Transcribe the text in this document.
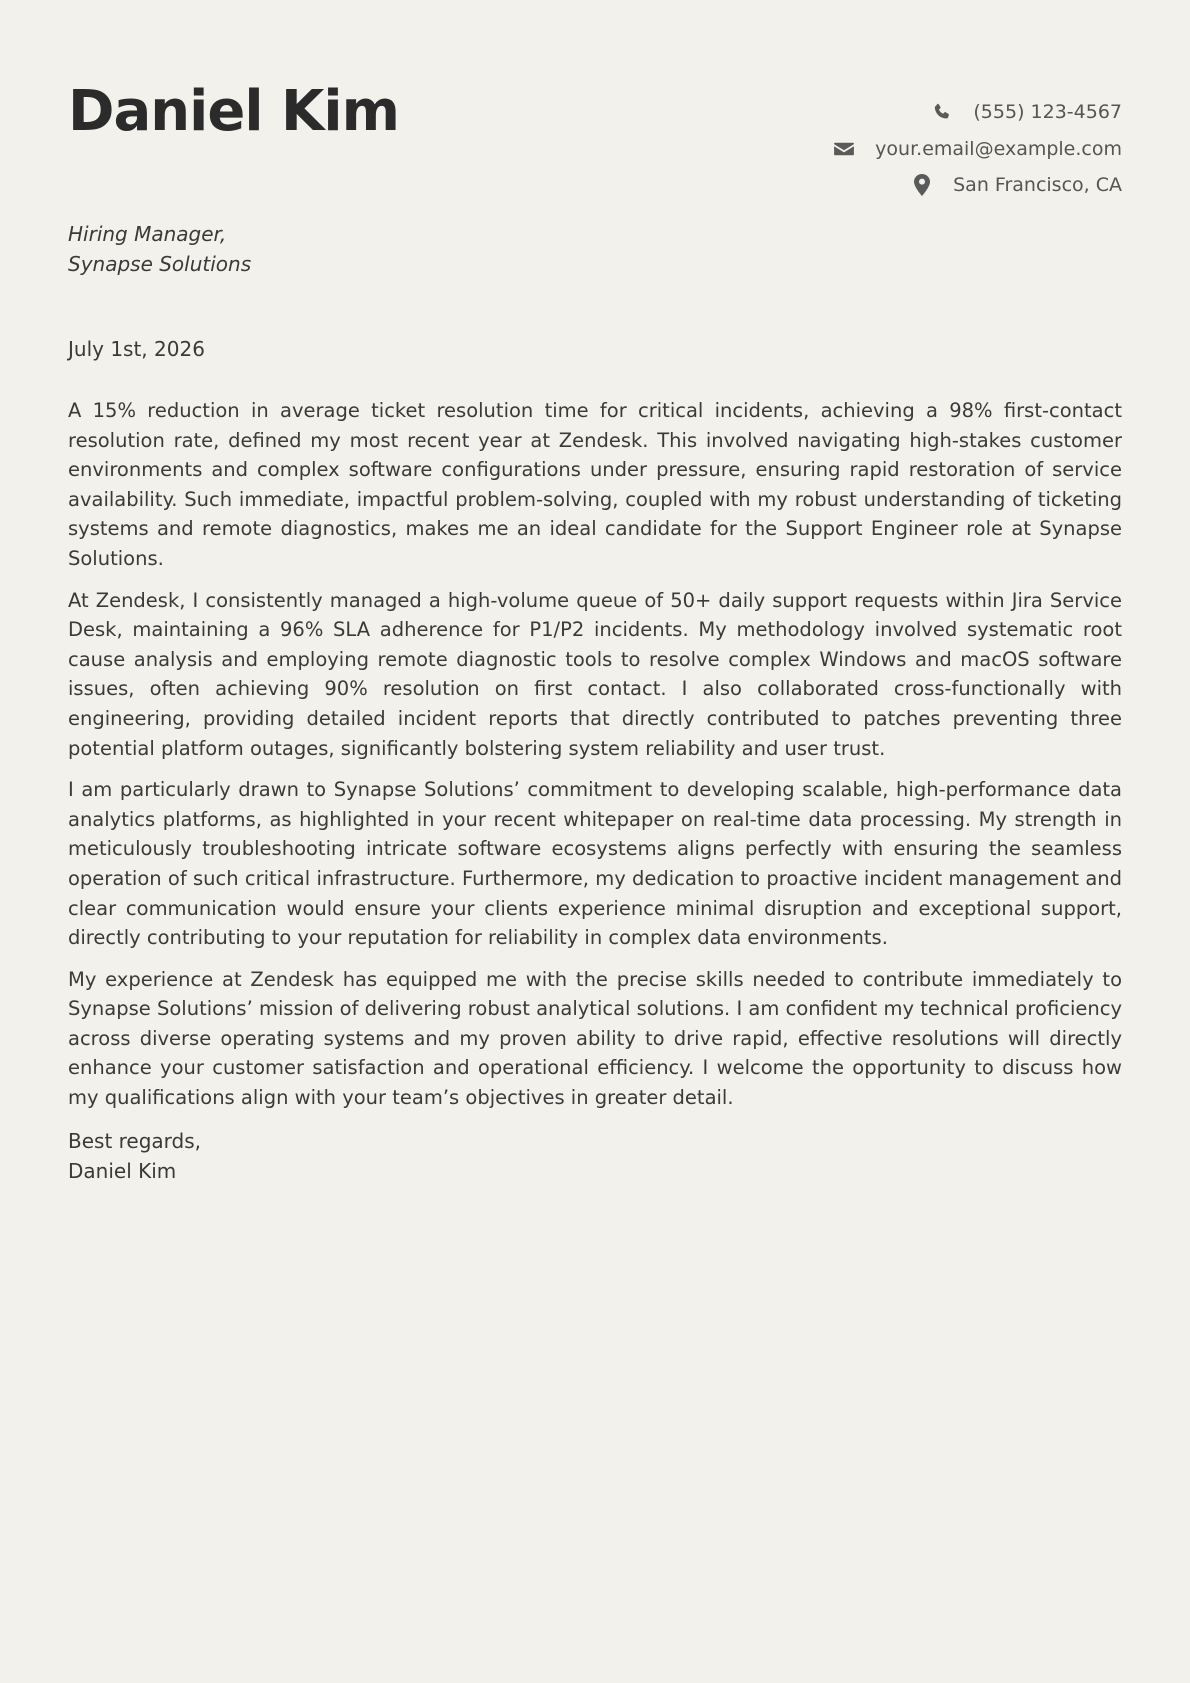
Daniel Kim	(555) 123-4567
your.email@example.com
San Francisco, CA
Hiring Manager,
Synapse Solutions
July 1st, 2026

A 15% reduction in average ticket resolution time for critical incidents, achieving a 98% first-contact resolution rate, defined my most recent year at Zendesk. This involved navigating high-stakes customer environments and complex software configurations under pressure, ensuring rapid restoration of service availability. Such immediate, impactful problem-solving, coupled with my robust understanding of ticketing systems and remote diagnostics, makes me an ideal candidate for the Support Engineer role at Synapse Solutions.

At Zendesk, I consistently managed a high-volume queue of 50+ daily support requests within Jira Service Desk, maintaining a 96% SLA adherence for P1/P2 incidents. My methodology involved systematic root cause analysis and employing remote diagnostic tools to resolve complex Windows and macOS software issues, often achieving 90% resolution on first contact. I also collaborated cross-functionally with engineering, providing detailed incident reports that directly contributed to patches preventing three potential platform outages, significantly bolstering system reliability and user trust.

I am particularly drawn to Synapse Solutions’ commitment to developing scalable, high-performance data analytics platforms, as highlighted in your recent whitepaper on real-time data processing. My strength in meticulously troubleshooting intricate software ecosystems aligns perfectly with ensuring the seamless operation of such critical infrastructure. Furthermore, my dedication to proactive incident management and clear communication would ensure your clients experience minimal disruption and exceptional support, directly contributing to your reputation for reliability in complex data environments.

My experience at Zendesk has equipped me with the precise skills needed to contribute immediately to Synapse Solutions’ mission of delivering robust analytical solutions. I am confident my technical proficiency across diverse operating systems and my proven ability to drive rapid, effective resolutions will directly enhance your customer satisfaction and operational efficiency. I welcome the opportunity to discuss how my qualifications align with your team’s objectives in greater detail.

Best regards,
Daniel Kim
